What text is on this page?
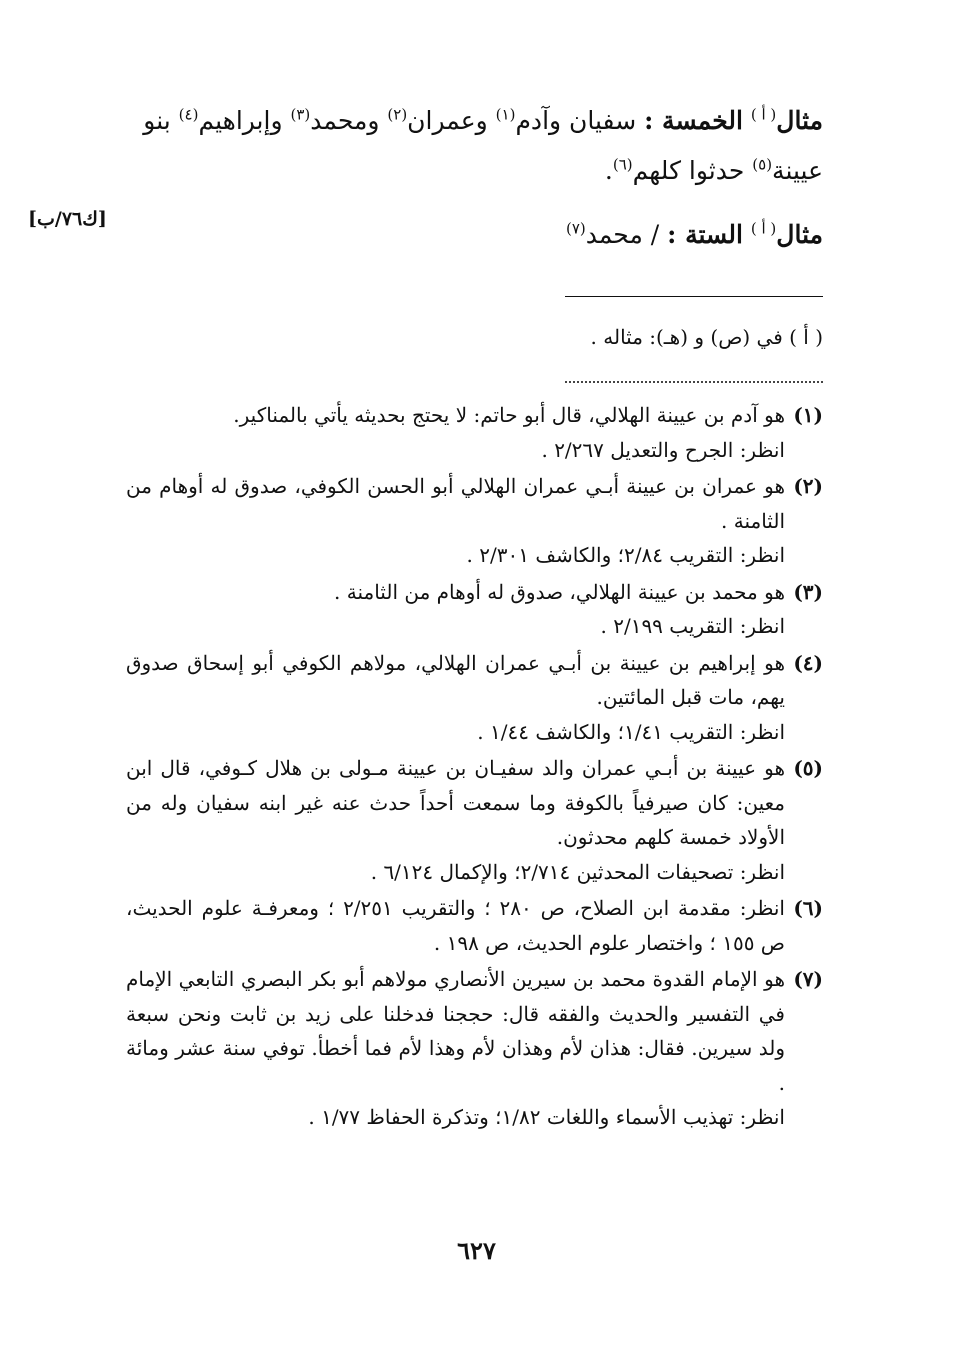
مثال$^{( أ )}$ الخمسة : سفيان وآدم$^{(١)}$ وعمران$^{(٢)}$ ومحمد$^{(٣)}$ وإبراهيم$^{(٤)}$ بنو عيينة$^{(٥)}$ حدثوا كلهم$^{(٦)}$.
مثال$^{( أ )}$ الستة : / محمد$^{(٧)}$
[ك٧٦/ب]
( أ ) في (ص) و (هـ): مثاله .
(١)
هو آدم بن عيينة الهلالي، قال أبو حاتم: لا يحتج بحديثه يأتي بالمناكير.
انظر: الجرح والتعديل ٢/٢٦٧ .
(٢)
هو عمران بن عيينة أبـي عمران الهلالي أبو الحسن الكوفي، صدوق له أوهام من الثامنة .
انظر: التقريب ٢/٨٤؛ والكاشف ٢/٣٠١ .
(٣)
هو محمد بن عيينة الهلالي، صدوق له أوهام من الثامنة .
انظر: التقريب ٢/١٩٩ .
(٤)
هو إبراهيم بن عيينة بن أبـي عمران الهلالي، مولاهم الكوفي أبو إسحاق صدوق يهم، مات قبل المائتين.
انظر: التقريب ١/٤١؛ والكاشف ١/٤٤ .
(٥)
هو عيينة بن أبـي عمران والد سفيـان بن عيينة مـولى بن هلال كـوفي، قال ابن معين: كان صيرفياً بالكوفة وما سمعت أحداً حدث عنه غير ابنه سفيان وله من الأولاد خمسة كلهم محدثون.
انظر: تصحيفات المحدثين ٢/٧١٤؛ والإكمال ٦/١٢٤ .
(٦)
انظر: مقدمة ابن الصلاح، ص ٢٨٠ ؛ والتقريب ٢/٢٥١ ؛ ومعرفـة علوم الحديث، ص ١٥٥ ؛ واختصار علوم الحديث، ص ١٩٨ .
(٧)
هو الإمام القدوة محمد بن سيرين الأنصاري مولاهم أبو بكر البصري التابعي الإمام في التفسير والحديث والفقه قال: حججنا فدخلنا على زيد بن ثابت ونحن سبعة ولد سيرين. فقال: هذان لأم وهذان لأم وهذا لأم فما أخطأ. توفي سنة عشر ومائة .
انظر: تهذيب الأسماء واللغات ١/٨٢؛ وتذكرة الحفاظ ١/٧٧ .
٦٢٧
